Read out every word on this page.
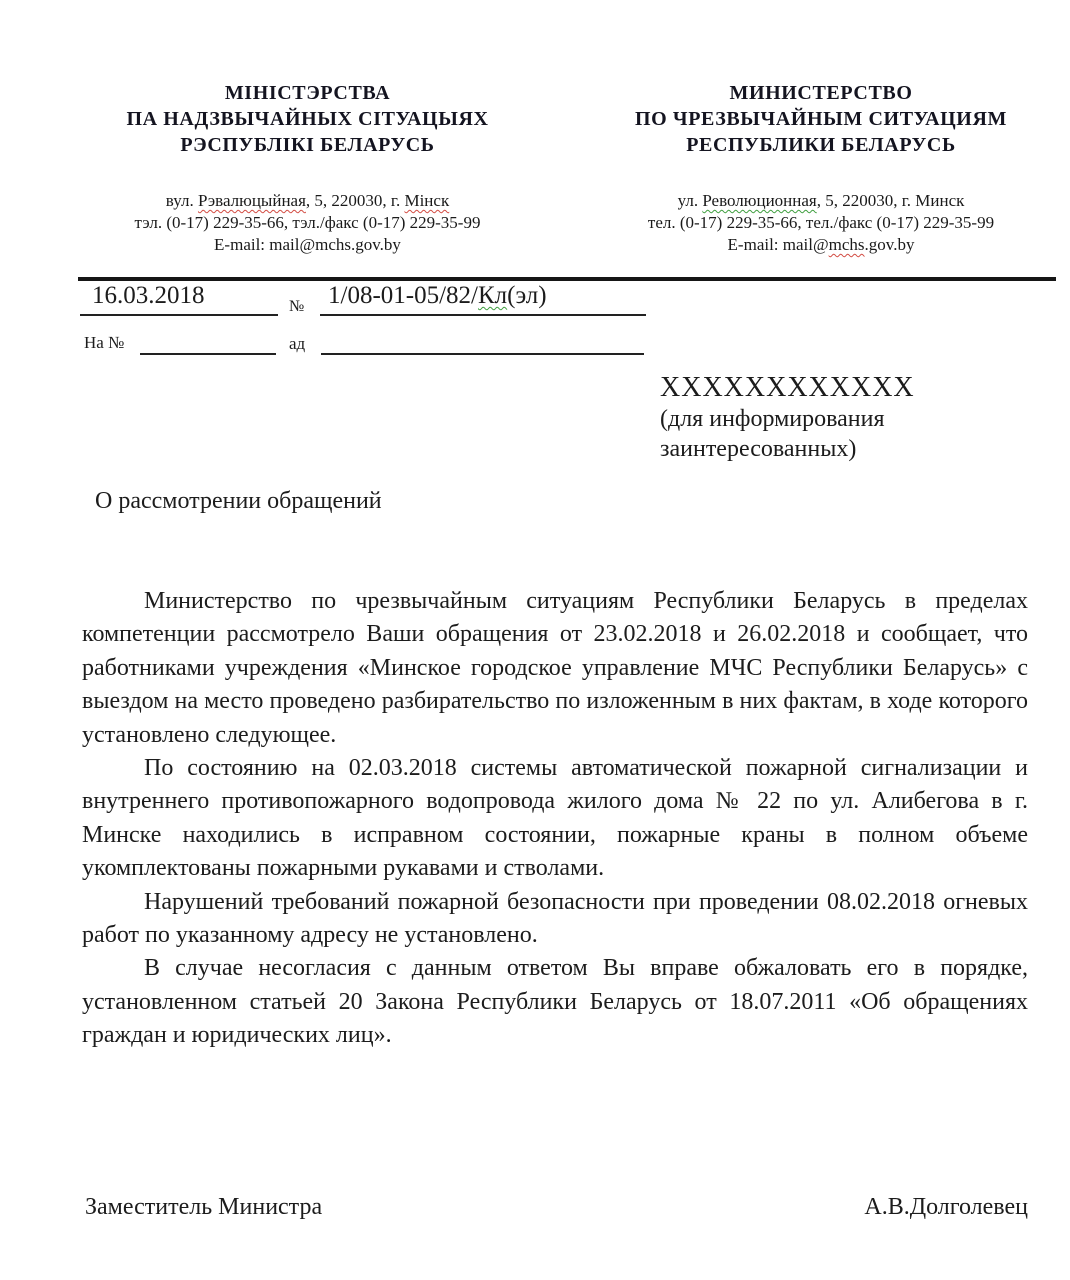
МІНІСТЭРСТВА
ПА НАДЗВЫЧАЙНЫХ СІТУАЦЫЯХ
РЭСПУБЛІКІ БЕЛАРУСЬ
вул. Рэвалюцыйная, 5, 220030, г. Мінск
тэл. (0-17) 229-35-66, тэл./факс (0-17) 229-35-99
E-mail: mail@mchs.gov.by
МИНИСТЕРСТВО
ПО ЧРЕЗВЫЧАЙНЫМ СИТУАЦИЯМ
РЕСПУБЛИКИ БЕЛАРУСЬ
ул. Революционная, 5, 220030, г. Минск
тел. (0-17) 229-35-66, тел./факс (0-17) 229-35-99
E-mail: mail@mchs.gov.by
16.03.2018	№ 1/08-01-05/82/Кл(эл)
На №	ад
XXXXXXXXXXXX
(для информирования
заинтересованных)
О рассмотрении обращений

Министерство по чрезвычайным ситуациям Республики Беларусь в пределах компетенции рассмотрело Ваши обращения от 23.02.2018 и 26.02.2018 и сообщает, что работниками учреждения «Минское городское управление МЧС Республики Беларусь» с выездом на место проведено разбирательство по изложенным в них фактам, в ходе которого установлено следующее.

По состоянию на 02.03.2018 системы автоматической пожарной сигнализации и внутреннего противопожарного водопровода жилого дома № 22 по ул. Алибегова в г. Минске находились в исправном состоянии, пожарные краны в полном объеме укомплектованы пожарными рукавами и стволами.

Нарушений требований пожарной безопасности при проведении 08.02.2018 огневых работ по указанному адресу не установлено.

В случае несогласия с данным ответом Вы вправе обжаловать его в порядке, установленном статьей 20 Закона Республики Беларусь от 18.07.2011 «Об обращениях граждан и юридических лиц».

Заместитель Министра	А.В.Долголевец
